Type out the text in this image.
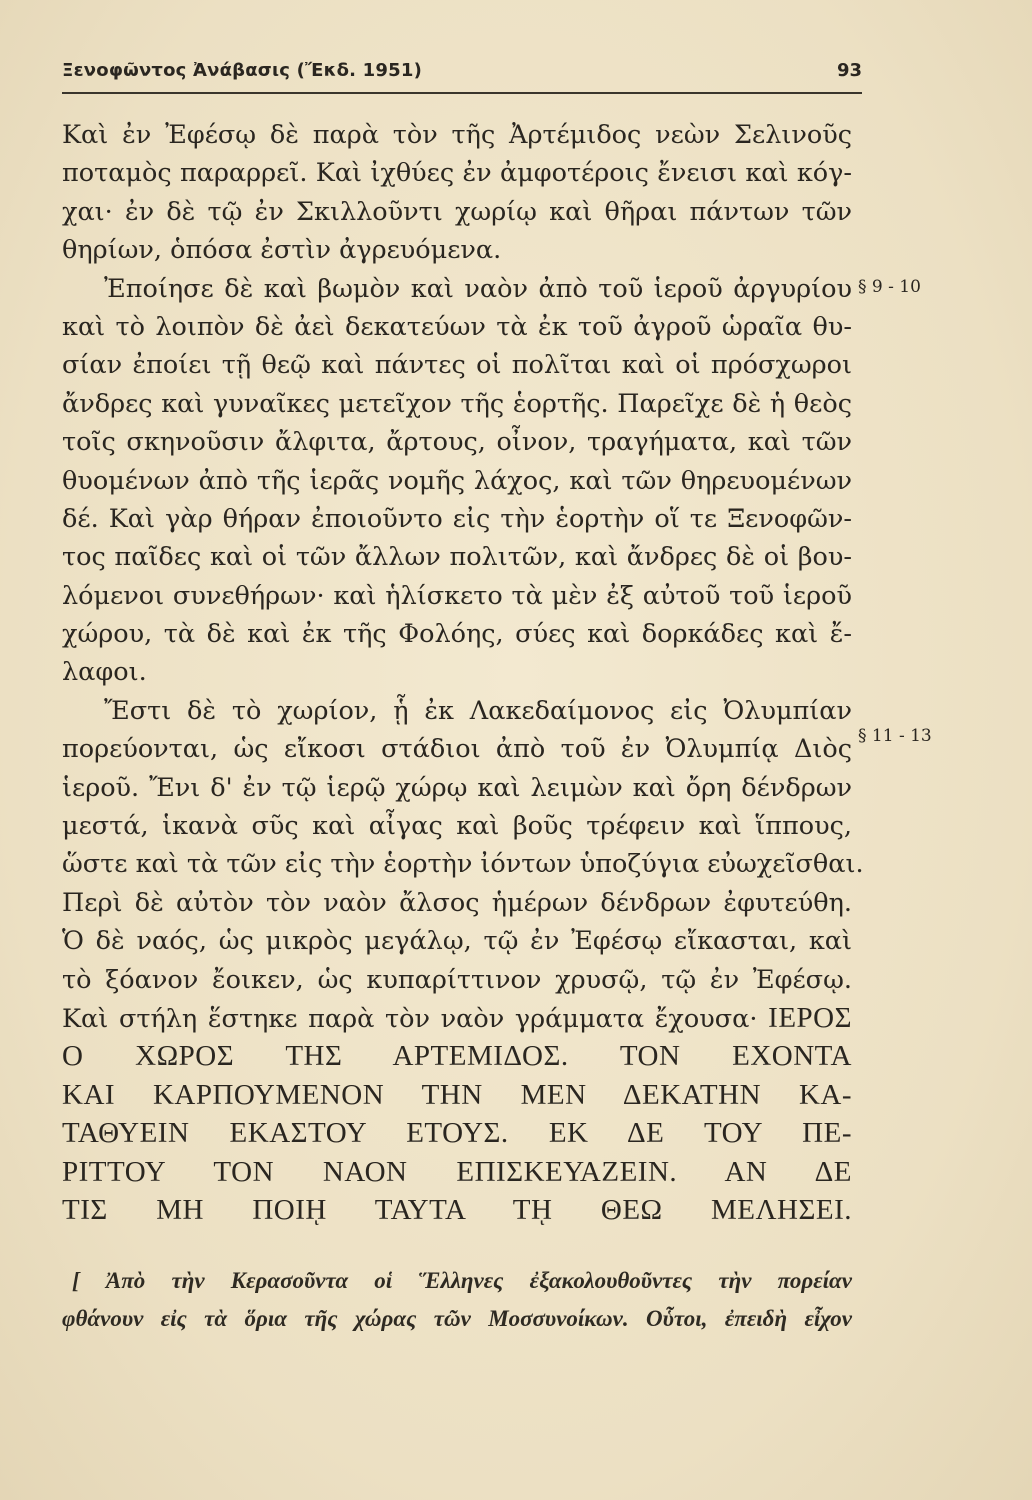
Ξενοφῶντος Ἀνάβασις (Ἔκδ. 1951)	93
Καὶ ἐν Ἐφέσῳ δὲ παρὰ τὸν τῆς Ἀρτέμιδος νεὼν Σελινοῦς
ποταμὸς παραρρεῖ. Καὶ ἰχθύες ἐν ἀμφοτέροις ἔνεισι καὶ κόγ-
χαι· ἐν δὲ τῷ ἐν Σκιλλοῦντι χωρίῳ καὶ θῆραι πάντων τῶν
θηρίων, ὁπόσα ἐστὶν ἀγρευόμενα.
Ἐποίησε δὲ καὶ βωμὸν καὶ ναὸν ἀπὸ τοῦ ἱεροῦ ἀργυρίου
καὶ τὸ λοιπὸν δὲ ἀεὶ δεκατεύων τὰ ἐκ τοῦ ἀγροῦ ὡραῖα θυ-
σίαν ἐποίει τῇ θεῷ καὶ πάντες οἱ πολῖται καὶ οἱ πρόσχωροι
ἄνδρες καὶ γυναῖκες μετεῖχον τῆς ἑορτῆς. Παρεῖχε δὲ ἡ θεὸς
τοῖς σκηνοῦσιν ἄλφιτα, ἄρτους, οἶνον, τραγήματα, καὶ τῶν
θυομένων ἀπὸ τῆς ἱερᾶς νομῆς λάχος, καὶ τῶν θηρευομένων
δέ. Καὶ γὰρ θήραν ἐποιοῦντο εἰς τὴν ἑορτὴν οἵ τε Ξενοφῶν-
τος παῖδες καὶ οἱ τῶν ἄλλων πολιτῶν, καὶ ἄνδρες δὲ οἱ βου-
λόμενοι συνεθήρων· καὶ ἡλίσκετο τὰ μὲν ἐξ αὐτοῦ τοῦ ἱεροῦ
χώρου, τὰ δὲ καὶ ἐκ τῆς Φολόης, σύες καὶ δορκάδες καὶ ἔ-
λαφοι.
Ἔστι δὲ τὸ χωρίον, ᾗ ἐκ Λακεδαίμονος εἰς Ὀλυμπίαν
πορεύονται, ὡς εἴκοσι στάδιοι ἀπὸ τοῦ ἐν Ὀλυμπίᾳ Διὸς
ἱεροῦ. Ἔνι δ' ἐν τῷ ἱερῷ χώρῳ καὶ λειμὼν καὶ ὄρη δένδρων
μεστά, ἱκανὰ σῦς καὶ αἶγας καὶ βοῦς τρέφειν καὶ ἵππους,
ὥστε καὶ τὰ τῶν εἰς τὴν ἑορτὴν ἰόντων ὑποζύγια εὐωχεῖσθαι.
Περὶ δὲ αὐτὸν τὸν ναὸν ἄλσος ἡμέρων δένδρων ἐφυτεύθη.
Ὁ δὲ ναός, ὡς μικρὸς μεγάλῳ, τῷ ἐν Ἐφέσῳ εἴκασται, καὶ
τὸ ξόανον ἔοικεν, ὡς κυπαρίττινον χρυσῷ, τῷ ἐν Ἐφέσῳ.
Καὶ στήλη ἕστηκε παρὰ τὸν ναὸν γράμματα ἔχουσα· ΙΕΡΟΣ
Ο ΧΩΡΟΣ ΤΗΣ ΑΡΤΕΜΙΔΟΣ. ΤΟΝ ΕΧΟΝΤΑ
ΚΑΙ ΚΑΡΠΟΥΜΕΝΟΝ ΤΗΝ ΜΕΝ ΔΕΚΑΤΗΝ ΚΑ-
ΤΑΘΥΕΙΝ ΕΚΑΣΤΟΥ ΕΤΟΥΣ. ΕΚ ΔΕ ΤΟΥ ΠΕ-
ΡΙΤΤΟΥ ΤΟΝ ΝΑΟΝ ΕΠΙΣΚΕΥΑΖΕΙΝ. ΑΝ ΔΕ
ΤΙΣ ΜΗ ΠΟΙῌ ΤΑΥΤΑ Τῌ ΘΕΩ ΜΕΛΗΣΕΙ.
§ 9 - 10
§ 11 - 13
[ Ἀπὸ τὴν Κερασοῦντα οἱ Ἕλληνες ἐξακολουθοῦντες τὴν πορείαν
φθάνουν εἰς τὰ ὅρια τῆς χώρας τῶν Μοσσυνοίκων. Οὗτοι, ἐπειδὴ εἶχον
